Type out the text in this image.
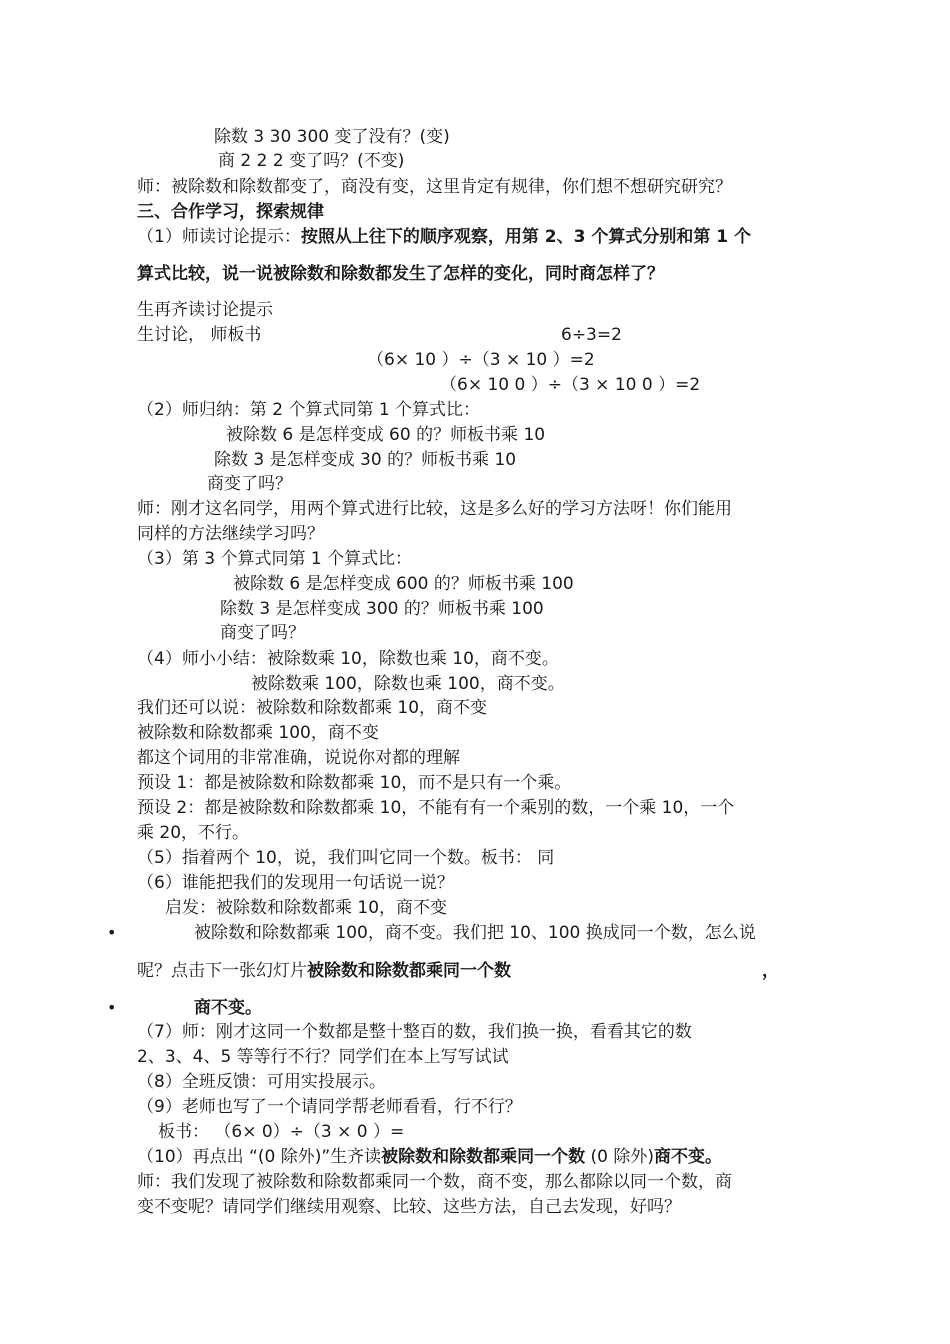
除数 3 30 300 变了没有？(变)
商 2 2 2 变了吗？(不变)
师：被除数和除数都变了，商没有变，这里肯定有规律，你们想不想研究研究？
三、合作学习，探索规律
（1）师读讨论提示：按照从上往下的顺序观察，用第 2、3 个算式分别和第 1 个
算式比较，说一说被除数和除数都发生了怎样的变化，同时商怎样了？
生再齐读讨论提示
生讨论， 师板书	6÷3=2
（6× 10 ）÷（3 × 10 ）=2
（6× 10 0 ）÷（3 × 10 0 ）=2
（2）师归纳：第 2 个算式同第 1 个算式比：
被除数 6 是怎样变成 60 的？师板书乘 10
除数 3 是怎样变成 30 的？师板书乘 10
商变了吗？
师：刚才这名同学，用两个算式进行比较，这是多么好的学习方法呀！你们能用
同样的方法继续学习吗？
（3）第 3 个算式同第 1 个算式比：
被除数 6 是怎样变成 600 的？师板书乘 100
除数 3 是怎样变成 300 的？师板书乘 100
商变了吗？
（4）师小小结：被除数乘 10，除数也乘 10，商不变。
被除数乘 100，除数也乘 100，商不变。
我们还可以说：被除数和除数都乘 10，商不变
被除数和除数都乘 100，商不变
都这个词用的非常准确，说说你对都的理解
预设 1：都是被除数和除数都乘 10，而不是只有一个乘。
预设 2：都是被除数和除数都乘 10，不能有有一个乘别的数，一个乘 10，一个
乘 20，不行。
（5）指着两个 10，说，我们叫它同一个数。板书： 同
（6）谁能把我们的发现用一句话说一说？
启发：被除数和除数都乘 10，商不变
•	被除数和除数都乘 100，商不变。我们把 10、100 换成同一个数，怎么说
呢？点击下一张幻灯片被除数和除数都乘同一个数	，
•	商不变。
（7）师：刚才这同一个数都是整十整百的数，我们换一换，看看其它的数
2、3、4、5 等等行不行？同学们在本上写写试试
（8）全班反馈：可用实投展示。
（9）老师也写了一个请同学帮老师看看，行不行？
板书： （6× 0）÷（3 × 0 ）=
（10）再点出 “(0 除外)”生齐读被除数和除数都乘同一个数 (0 除外)商不变。
师：我们发现了被除数和除数都乘同一个数，商不变，那么都除以同一个数，商
变不变呢？请同学们继续用观察、比较、这些方法，自己去发现，好吗？
